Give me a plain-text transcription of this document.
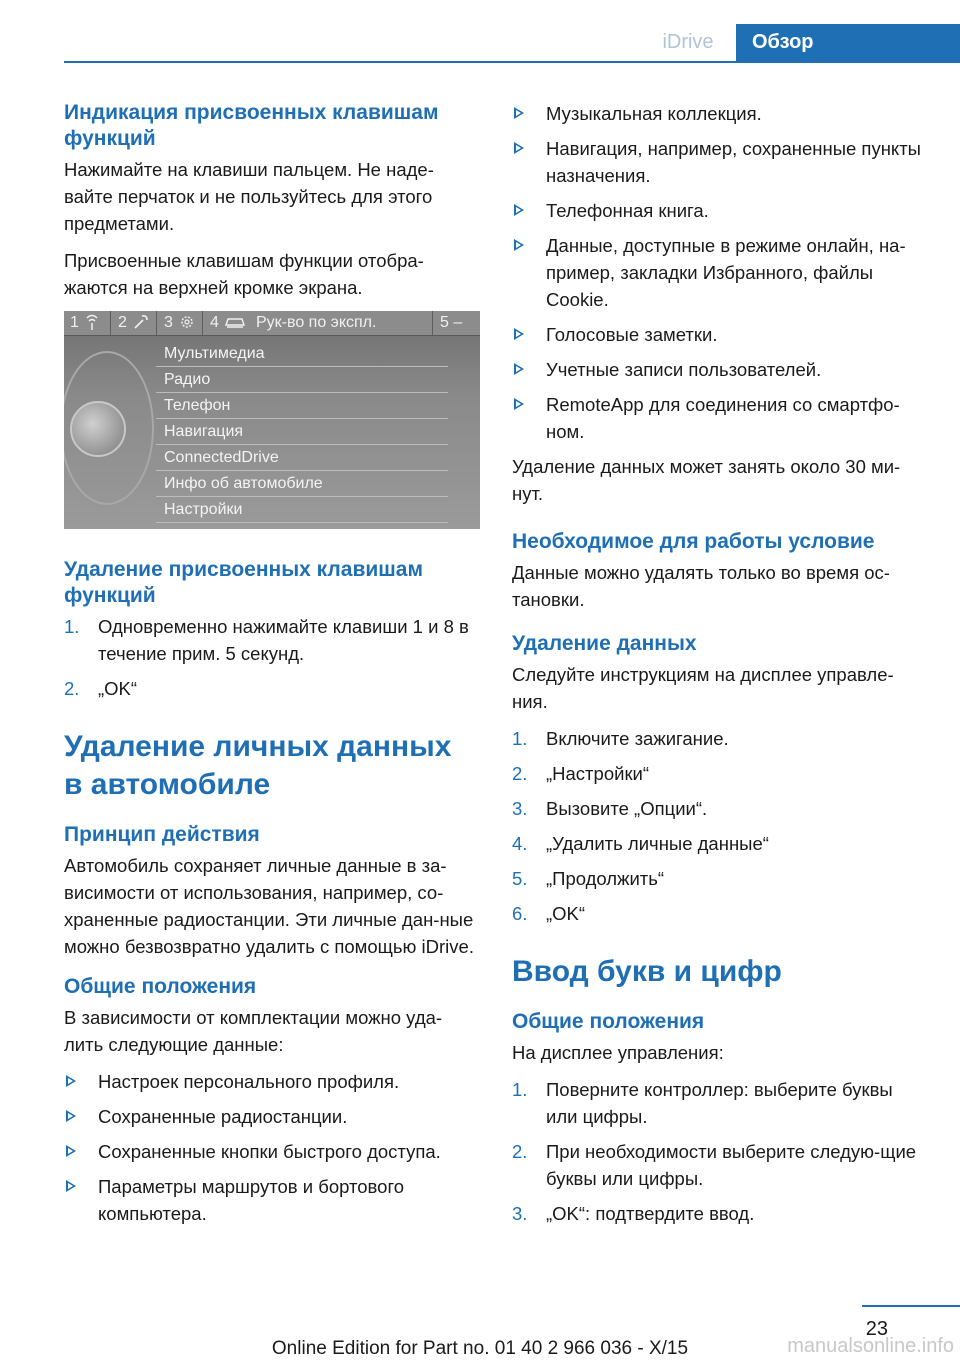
iDrive	Обзор
Индикация присвоенных клавишам функций

Нажимайте на клавиши пальцем. Не наде-вайте перчаток и не пользуйтесь для этого предметами.

Присвоенные клавишам функции отобра-жаются на верхней кромке экрана.

1 2 3 4 Рук-во по экспл.	5 –
Мультимедиа
Радио
Телефон
Навигация
ConnectedDrive
Инфо об автомобиле
Настройки
Удаление присвоенных клавишам функций
1. Одновременно нажимайте клавиши 1 и 8 в течение прим. 5 секунд.
2. „OK“
Удаление личных данных в автомобиле
Принцип действия

Автомобиль сохраняет личные данные в за-висимости от использования, например, со-храненные радиостанции. Эти личные дан-ные можно безвозвратно удалить с помощью iDrive.

Общие положения

В зависимости от комплектации можно уда-лить следующие данные:

Настроек персонального профиля.
Сохраненные радиостанции.
Сохраненные кнопки быстрого доступа.
Параметры маршрутов и бортового компьютера.
Музыкальная коллекция.
Навигация, например, сохраненные пункты назначения.
Телефонная книга.
Данные, доступные в режиме онлайн, на-пример, закладки Избранного, файлы Cookie.
Голосовые заметки.
Учетные записи пользователей.
RemoteApp для соединения со смартфо-ном.

Удаление данных может занять около 30 ми-нут.

Необходимое для работы условие

Данные можно удалять только во время ос-тановки.

Удаление данных

Следуйте инструкциям на дисплее управле-ния.

1. Включите зажигание.
2. „Настройки“
3. Вызовите „Опции“.
4. „Удалить личные данные“
5. „Продолжить“
6. „OK“
Ввод букв и цифр
Общие положения

На дисплее управления:

1. Поверните контроллер: выберите буквы или цифры.
2. При необходимости выберите следую-щие буквы или цифры.
3. „OK“: подтвердите ввод.
23
Online Edition for Part no. 01 40 2 966 036 - X/15	manualsonline.info
